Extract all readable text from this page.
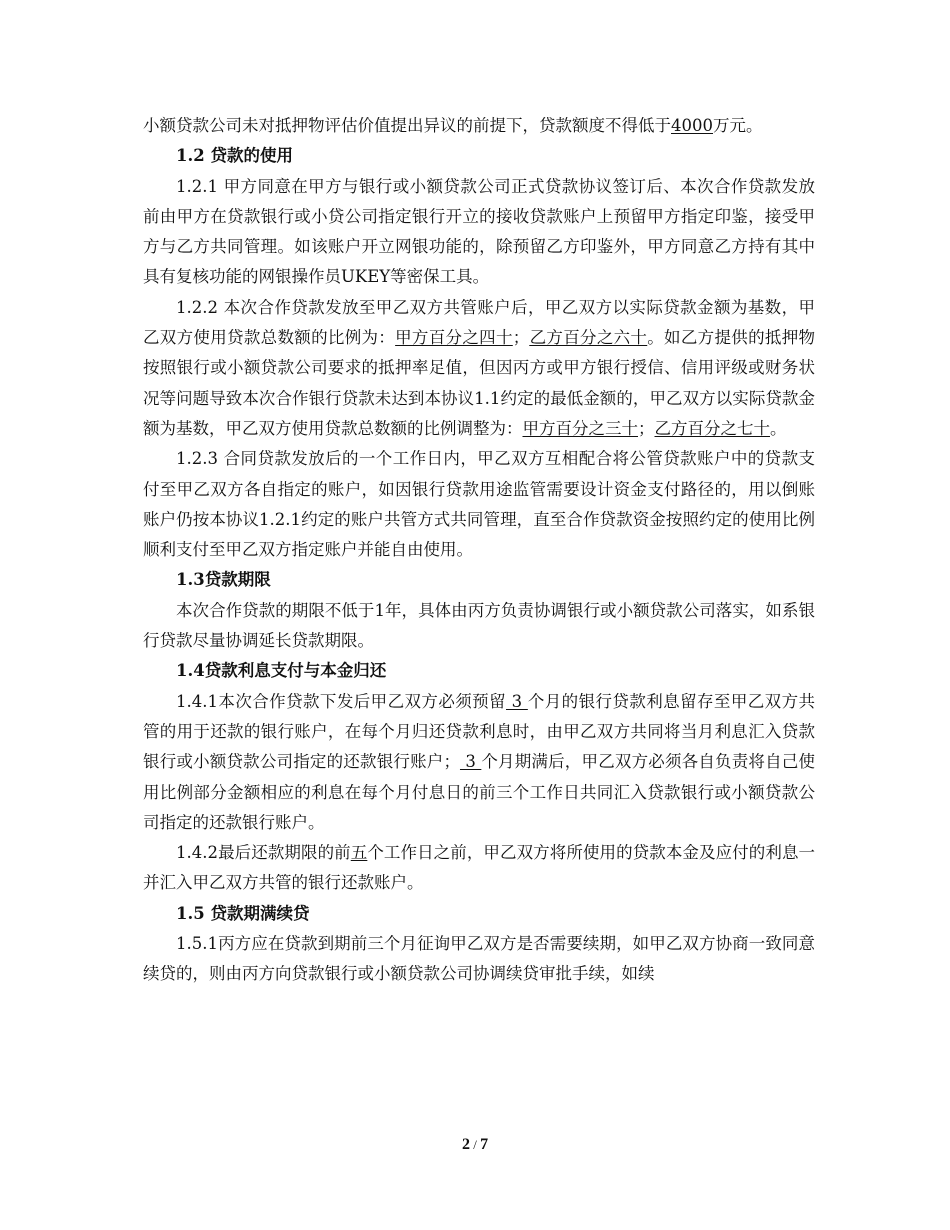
小额贷款公司未对抵押物评估价值提出异议的前提下，贷款额度不得低于4000万元。

1.2 贷款的使用

1.2.1 甲方同意在甲方与银行或小额贷款公司正式贷款协议签订后、本次合作贷款发放前由甲方在贷款银行或小贷公司指定银行开立的接收贷款账户上预留甲方指定印鉴，接受甲方与乙方共同管理。如该账户开立网银功能的，除预留乙方印鉴外，甲方同意乙方持有其中具有复核功能的网银操作员UKEY等密保工具。

1.2.2 本次合作贷款发放至甲乙双方共管账户后，甲乙双方以实际贷款金额为基数，甲乙双方使用贷款总数额的比例为：甲方百分之四十；乙方百分之六十。如乙方提供的抵押物按照银行或小额贷款公司要求的抵押率足值，但因丙方或甲方银行授信、信用评级或财务状况等问题导致本次合作银行贷款未达到本协议1.1约定的最低金额的，甲乙双方以实际贷款金额为基数，甲乙双方使用贷款总数额的比例调整为：甲方百分之三十；乙方百分之七十。

1.2.3 合同贷款发放后的一个工作日内，甲乙双方互相配合将公管贷款账户中的贷款支付至甲乙双方各自指定的账户，如因银行贷款用途监管需要设计资金支付路径的，用以倒账账户仍按本协议1.2.1约定的账户共管方式共同管理，直至合作贷款资金按照约定的使用比例顺利支付至甲乙双方指定账户并能自由使用。

1.3贷款期限

本次合作贷款的期限不低于1年，具体由丙方负责协调银行或小额贷款公司落实，如系银行贷款尽量协调延长贷款期限。

1.4贷款利息支付与本金归还

1.4.1本次合作贷款下发后甲乙双方必须预留 3 个月的银行贷款利息留存至甲乙双方共管的用于还款的银行账户，在每个月归还贷款利息时，由甲乙双方共同将当月利息汇入贷款银行或小额贷款公司指定的还款银行账户； 3 个月期满后，甲乙双方必须各自负责将自己使用比例部分金额相应的利息在每个月付息日的前三个工作日共同汇入贷款银行或小额贷款公司指定的还款银行账户。

1.4.2最后还款期限的前五个工作日之前，甲乙双方将所使用的贷款本金及应付的利息一并汇入甲乙双方共管的银行还款账户。

1.5 贷款期满续贷

1.5.1丙方应在贷款到期前三个月征询甲乙双方是否需要续期，如甲乙双方协商一致同意续贷的，则由丙方向贷款银行或小额贷款公司协调续贷审批手续，如续

2 / 7
